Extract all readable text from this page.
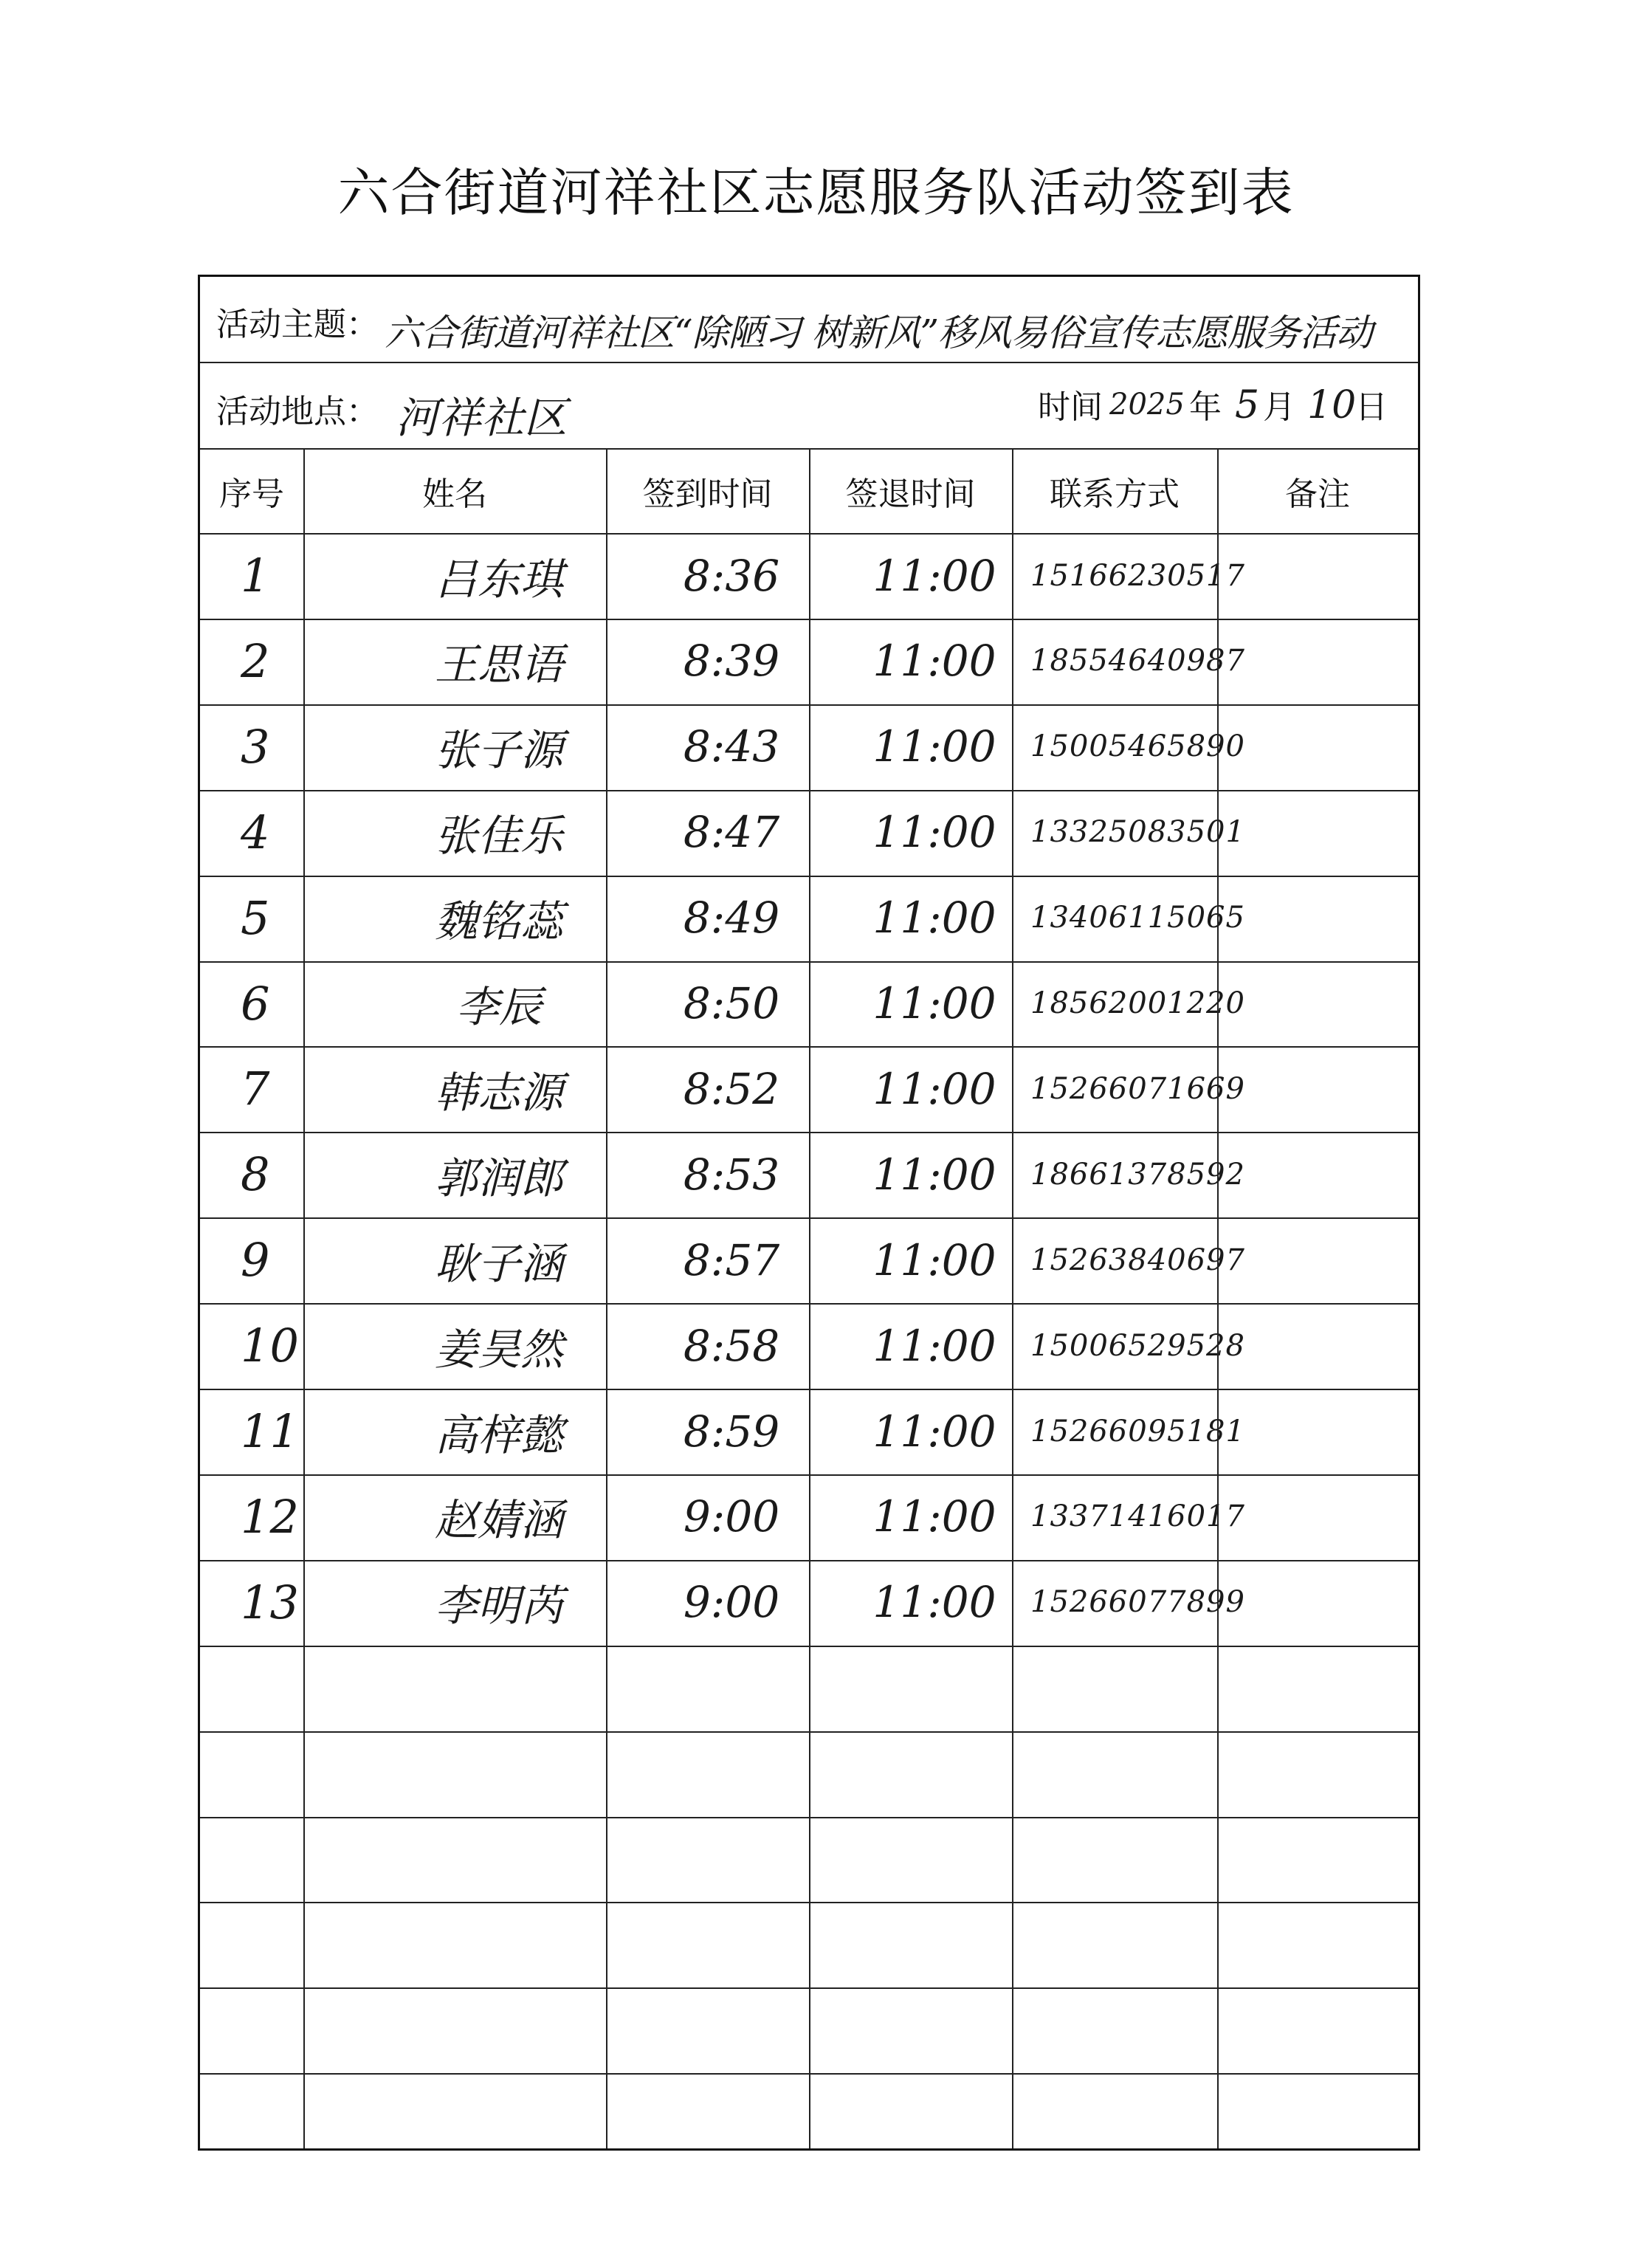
六合街道河祥社区志愿服务队活动签到表
活动主题： 六合街道河祥社区“除陋习 树新风”移风易俗宣传志愿服务活动
活动地点： 河祥社区	时间 2025 年 5 月 10
日
序号	姓名	签到时间	签退时间	联系方式	备注
1	吕东琪	8:36	11:00	15166230517
2	王思语	8:39	11:00	18554640987
3	张子源	8:43	11:00	15005465890
4	张佳乐	8:47	11:00	13325083501
5	魏铭蕊	8:49	11:00	13406115065
6	李辰	8:50	11:00	18562001220
7	韩志源	8:52	11:00	15266071669
8	郭润郎	8:53	11:00	18661378592
9	耿子涵	8:57	11:00	15263840697
10	姜昊然	8:58	11:00	15006529528
11	高梓懿	8:59	11:00	15266095181
12	赵婧涵	9:00	11:00	13371416017
13	李明芮	9:00	11:00	15266077899
